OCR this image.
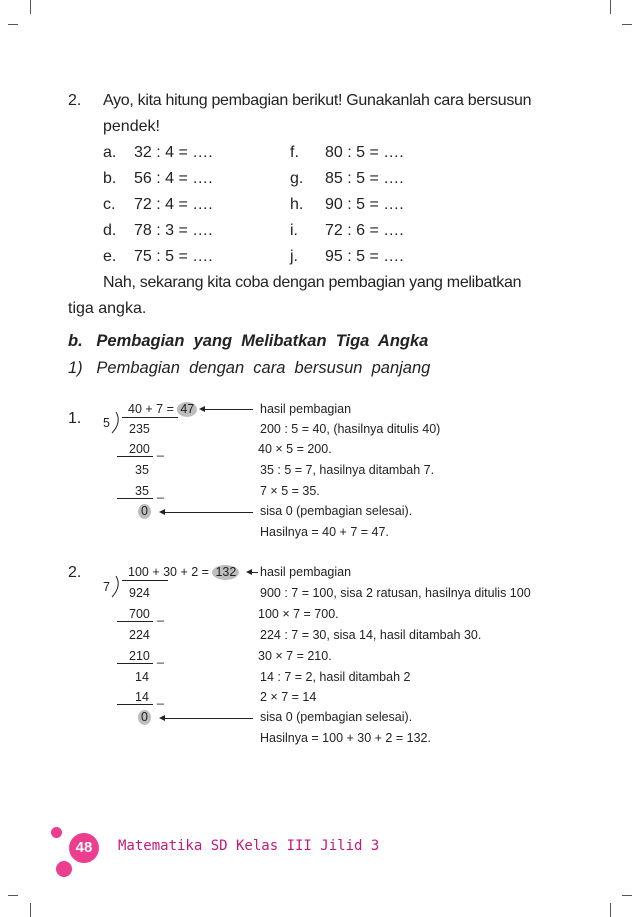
2. Ayo, kita hitung pembagian berikut! Gunakanlah cara bersusun
pendek!
a. 32 : 4 = ….
b. 56 : 4 = ….
c. 72 : 4 = ….
d. 78 : 3 = ….
e. 75 : 5 = ….
f. 80 : 5 = ….
g. 85 : 5 = ….
h. 90 : 5 = ….
i. 72 : 6 = ….
j. 95 : 5 = ….
Nah, sekarang kita coba dengan pembagian yang melibatkan
tiga angka.
b.   Pembagian  yang  Melibatkan  Tiga  Angka
1)   Pembagian  dengan  cara  bersusun  panjang
1. 5
40 + 7 = 47
235
200 _
35
35 _
0
hasil pembagian
200 : 5 = 40, (hasilnya ditulis 40)
40 × 5 = 200.
35 : 5 = 7, hasilnya ditambah 7.
7 × 5 = 35.
sisa 0 (pembagian selesai).
Hasilnya = 40 + 7 = 47.
2.
7
100 + 30 + 2 = 132
924
700 _
224
210 _
14
14 _
0
hasil pembagian
900 : 7 = 100, sisa 2 ratusan, hasilnya ditulis 100
100 × 7 = 700.
224 : 7 = 30, sisa 14, hasil ditambah 30.
30 × 7 = 210.
14 : 7 = 2, hasil ditambah 2
2 × 7 = 14
sisa 0 (pembagian selesai).
Hasilnya = 100 + 30 + 2 = 132.
48	Matematika SD Kelas III Jilid 3
